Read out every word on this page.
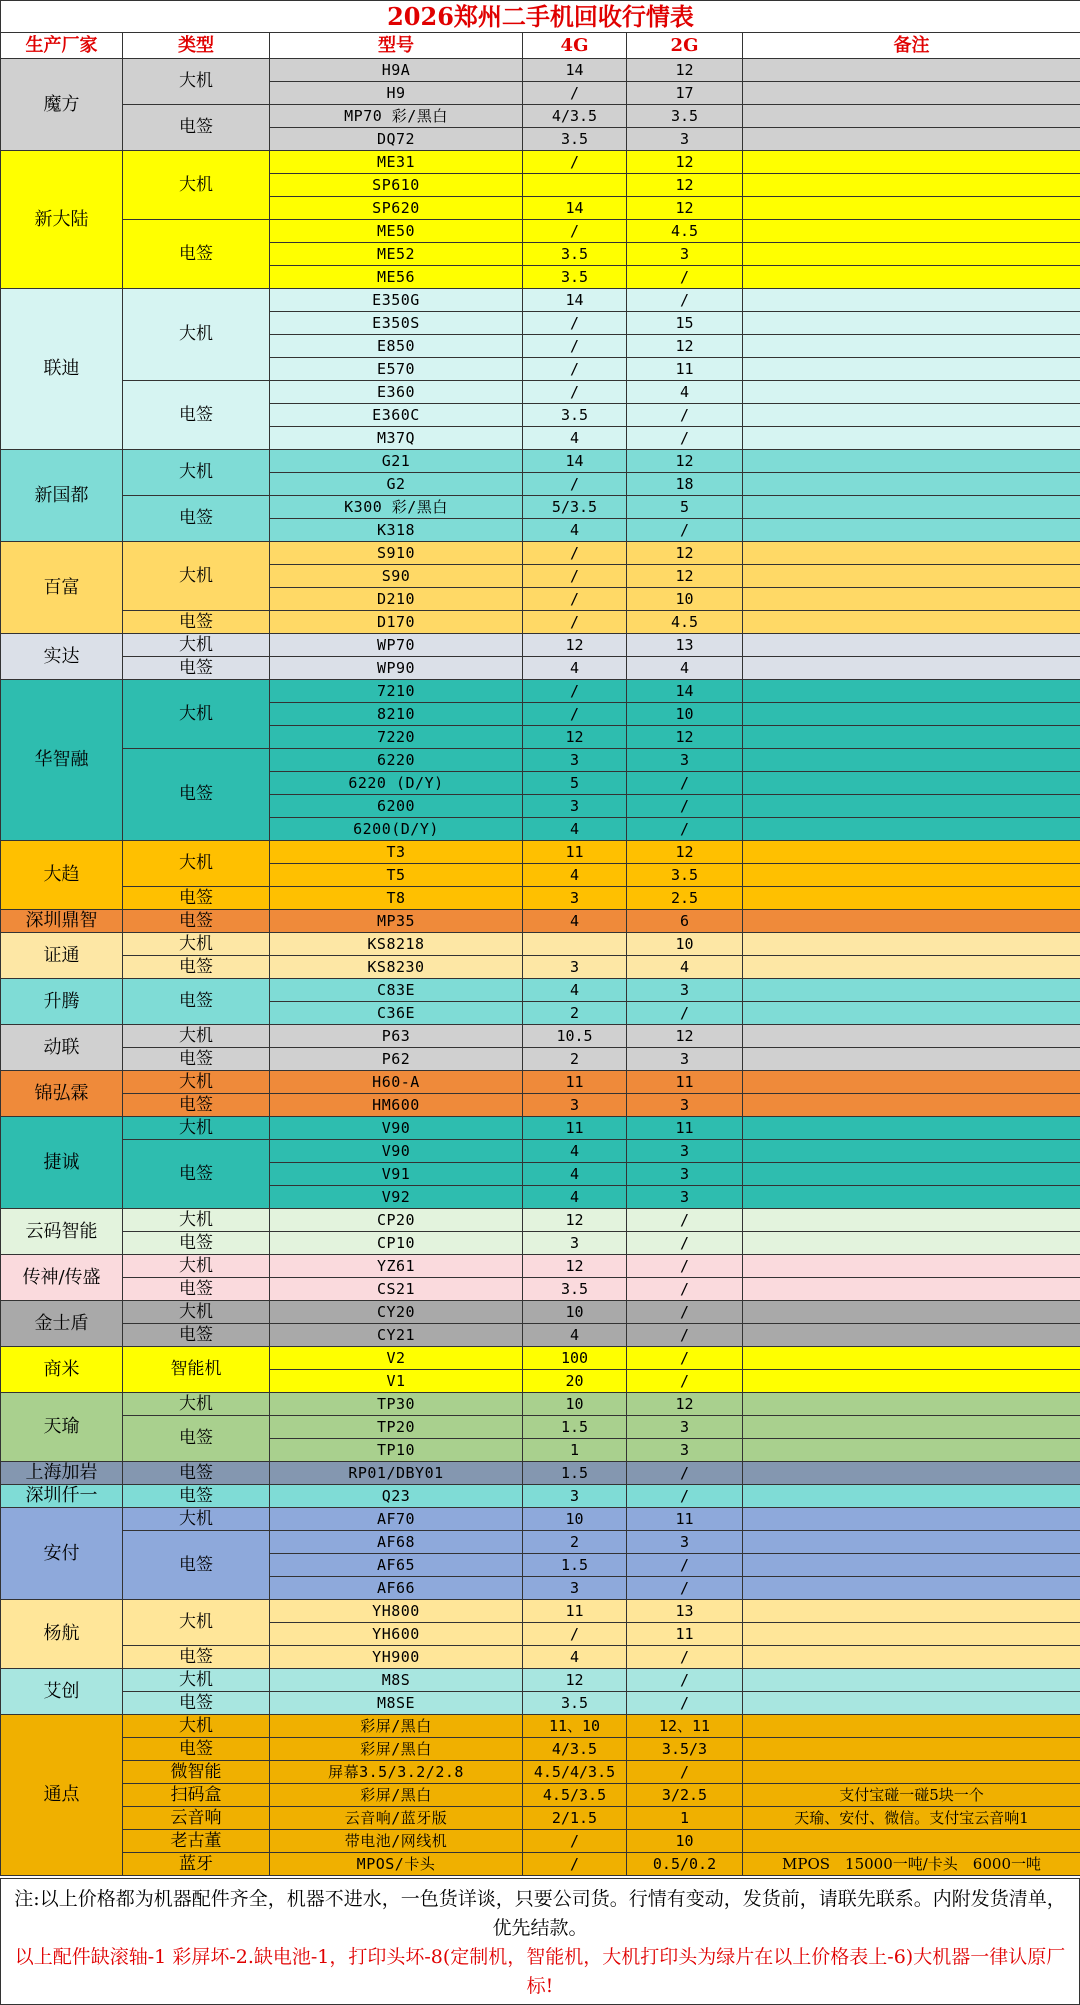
2026郑州二手机回收行情表					
生产厂家	类型	型号	4G	2G	备注
魔方	大机	H9A	14	12	
		H9	/	17	
	电签	MP70 彩/黑白	4/3.5	3.5	
		DQ72	3.5	3	
新大陆	大机	ME31	/	12	
		SP610		12	
		SP620	14	12	
	电签	ME50	/	4.5	
		ME52	3.5	3	
		ME56	3.5	/	
联迪	大机	E350G	14	/	
		E350S	/	15	
		E850	/	12	
		E570	/	11	
	电签	E360	/	4	
		E360C	3.5	/	
		M37Q	4	/	
新国都	大机	G21	14	12	
		G2	/	18	
	电签	K300 彩/黑白	5/3.5	5	
		K318	4	/	
百富	大机	S910	/	12	
		S90	/	12	
		D210	/	10	
	电签	D170	/	4.5	
实达	大机	WP70	12	13	
	电签	WP90	4	4	
华智融	大机	7210	/	14	
		8210	/	10	
		7220	12	12	
	电签	6220	3	3	
		6220 (D/Y)	5	/	
		6200	3	/	
		6200(D/Y)	4	/	
大趋	大机	T3	11	12	
		T5	4	3.5	
	电签	T8	3	2.5	
深圳鼎智	电签	MP35	4	6	
证通	大机	KS8218		10	
	电签	KS8230	3	4	
升腾	电签	C83E	4	3	
		C36E	2	/	
动联	大机	P63	10.5	12	
	电签	P62	2	3	
锦弘霖	大机	H60-A	11	11	
	电签	HM600	3	3	
捷诚	大机	V90	11	11	
	电签	V90	4	3	
		V91	4	3	
		V92	4	3	
云码智能	大机	CP20	12	/	
	电签	CP10	3	/	
传神/传盛	大机	YZ61	12	/	
	电签	CS21	3.5	/	
金士盾	大机	CY20	10	/	
	电签	CY21	4	/	
商米	智能机	V2	100	/	
		V1	20	/	
天瑜	大机	TP30	10	12	
	电签	TP20	1.5	3	
		TP10	1	3	
上海加岩	电签	RP01/DBY01	1.5	/	
深圳仟一	电签	Q23	3	/	
安付	大机	AF70	10	11	
	电签	AF68	2	3	
		AF65	1.5	/	
		AF66	3	/	
杨航	大机	YH800	11	13	
		YH600	/	11	
	电签	YH900	4	/	
艾创	大机	M8S	12	/	
	电签	M8SE	3.5	/	
通点	大机	彩屏/黑白	11、10	12、11	
	电签	彩屏/黑白	4/3.5	3.5/3	
	微智能	屏幕3.5/3.2/2.8	4.5/4/3.5	/	
	扫码盒	彩屏/黑白	4.5/3.5	3/2.5	支付宝碰一碰5块一个
	云音响	云音响/蓝牙版	2/1.5	1	天瑜、安付、微信。支付宝云音响1
	老古董	带电池/网线机	/	10	
	蓝牙	MPOS/卡头	/	0.5/0.2	MPOS　15000一吨/卡头　6000一吨

注:以上价格都为机器配件齐全，机器不进水，一色货详谈，只要公司货。行情有变动，发货前，请联先联系。内附发货清单，优先结款。

以上配件缺滚轴-1 彩屏坏-2.缺电池-1，打印头坏-8(定制机，智能机，大机打印头为绿片在以上价格表上-6)大机器一律认原厂标!
